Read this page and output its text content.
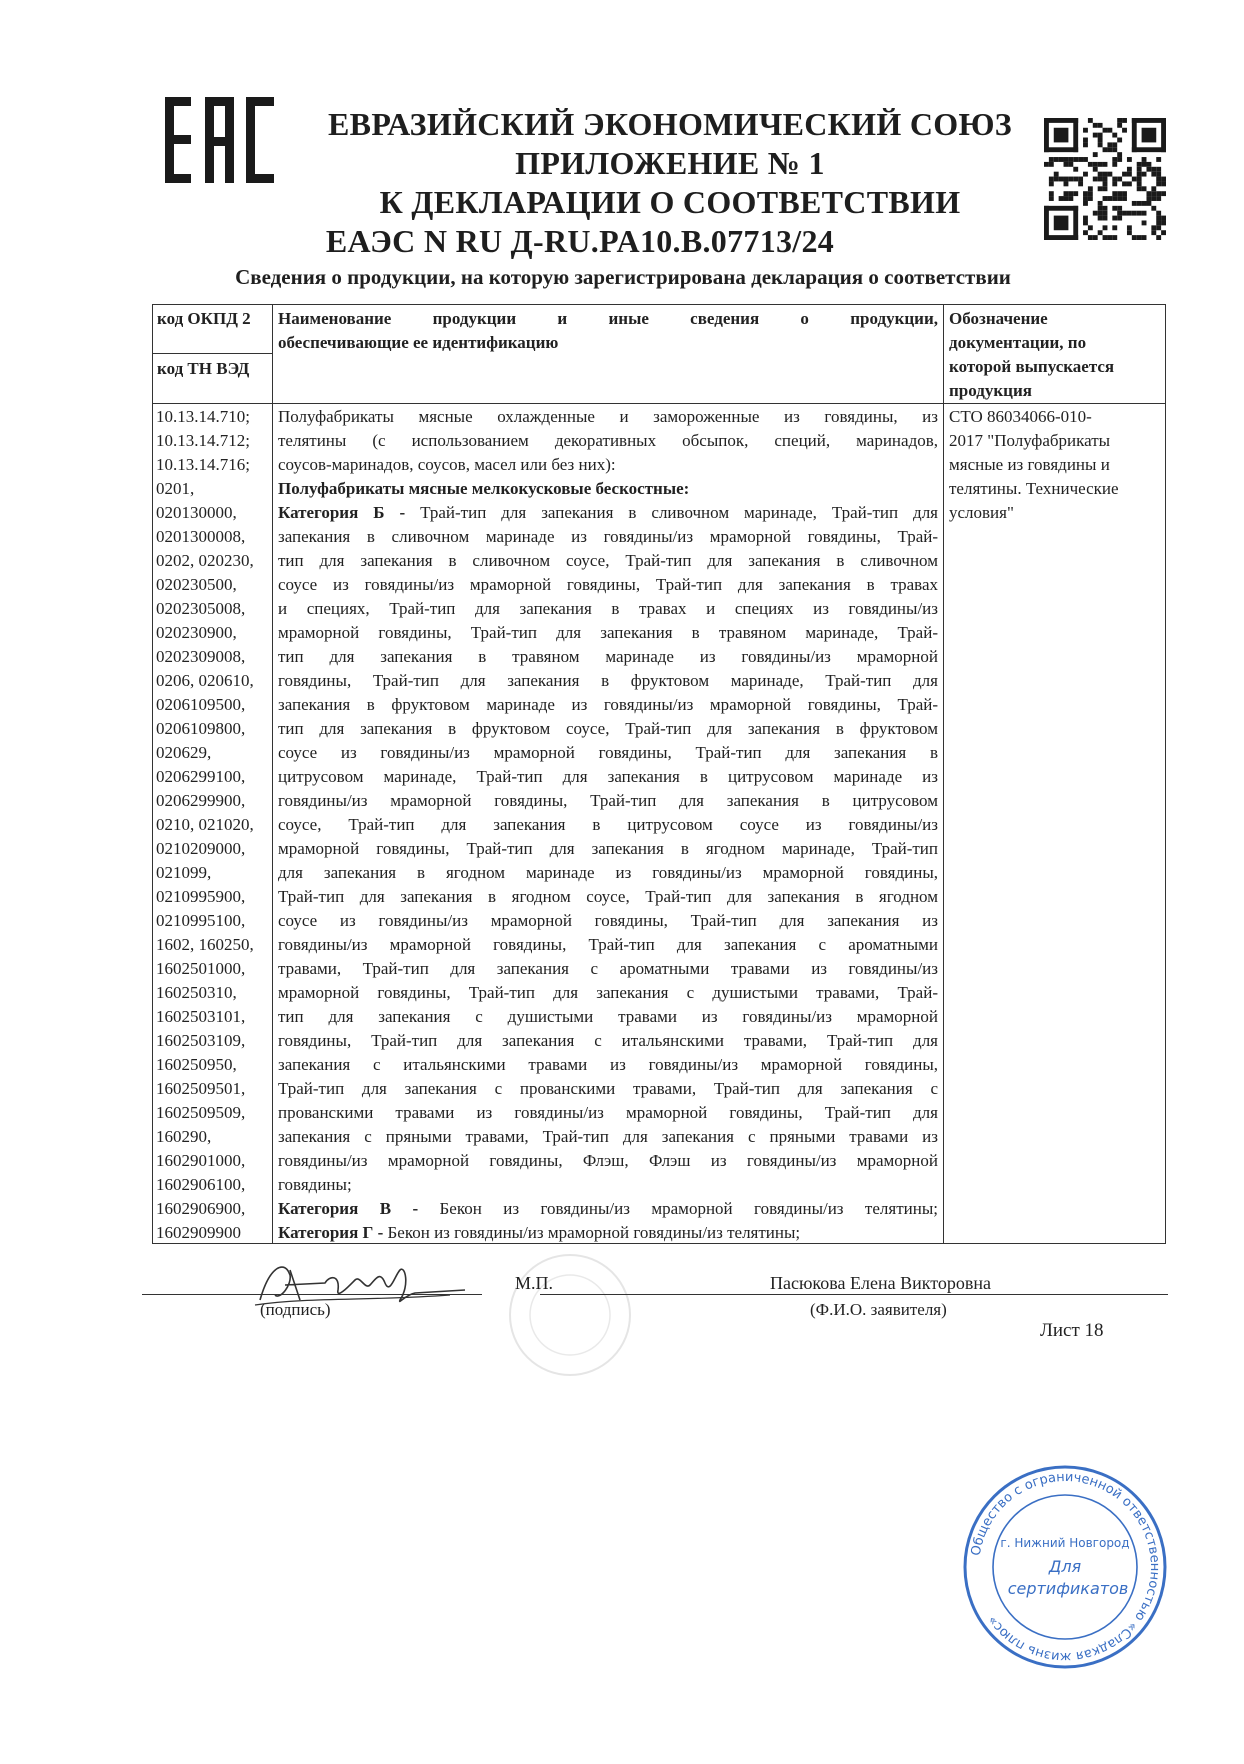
ЕВРАЗИЙСКИЙ ЭКОНОМИЧЕСКИЙ СОЮЗ
ПРИЛОЖЕНИЕ № 1
К ДЕКЛАРАЦИИ О СООТВЕТСТВИИ
ЕАЭС N RU Д-RU.PA10.B.07713/24
Сведения о продукции, на которую зарегистрирована декларация о соответствии
код ОКПД 2
код ТН ВЭД
Наименование продукции и иные сведения о продукции,
обеспечивающие ее идентификацию
Обозначение
документации, по
которой выпускается
продукция
10.13.14.710;
10.13.14.712;
10.13.14.716;
0201,
020130000,
0201300008,
0202, 020230,
020230500,
0202305008,
020230900,
0202309008,
0206, 020610,
0206109500,
0206109800,
020629,
0206299100,
0206299900,
0210, 021020,
0210209000,
021099,
0210995900,
0210995100,
1602, 160250,
1602501000,
160250310,
1602503101,
1602503109,
160250950,
1602509501,
1602509509,
160290,
1602901000,
1602906100,
1602906900,
1602909900
Полуфабрикаты мясные охлажденные и замороженные из говядины, из
телятины (с использованием декоративных обсыпок, специй, маринадов,
соусов-маринадов, соусов, масел или без них):
Полуфабрикаты мясные мелкокусковые бескостные:
Категория Б - Трай-тип для запекания в сливочном маринаде, Трай-тип для
запекания в сливочном маринаде из говядины/из мраморной говядины, Трай-
тип для запекания в сливочном соусе, Трай-тип для запекания в сливочном
соусе из говядины/из мраморной говядины, Трай-тип для запекания в травах
и специях, Трай-тип для запекания в травах и специях из говядины/из
мраморной говядины, Трай-тип для запекания в травяном маринаде, Трай-
тип для запекания в травяном маринаде из говядины/из мраморной
говядины, Трай-тип для запекания в фруктовом маринаде, Трай-тип для
запекания в фруктовом маринаде из говядины/из мраморной говядины, Трай-
тип для запекания в фруктовом соусе, Трай-тип для запекания в фруктовом
соусе из говядины/из мраморной говядины, Трай-тип для запекания в
цитрусовом маринаде, Трай-тип для запекания в цитрусовом маринаде из
говядины/из мраморной говядины, Трай-тип для запекания в цитрусовом
соусе, Трай-тип для запекания в цитрусовом соусе из говядины/из
мраморной говядины, Трай-тип для запекания в ягодном маринаде, Трай-тип
для запекания в ягодном маринаде из говядины/из мраморной говядины,
Трай-тип для запекания в ягодном соусе, Трай-тип для запекания в ягодном
соусе из говядины/из мраморной говядины, Трай-тип для запекания из
говядины/из мраморной говядины, Трай-тип для запекания с ароматными
травами, Трай-тип для запекания с ароматными травами из говядины/из
мраморной говядины, Трай-тип для запекания с душистыми травами, Трай-
тип для запекания с душистыми травами из говядины/из мраморной
говядины, Трай-тип для запекания с итальянскими травами, Трай-тип для
запекания с итальянскими травами из говядины/из мраморной говядины,
Трай-тип для запекания с прованскими травами, Трай-тип для запекания с
прованскими травами из говядины/из мраморной говядины, Трай-тип для
запекания с пряными травами, Трай-тип для запекания с пряными травами из
говядины/из мраморной говядины, Флэш, Флэш из говядины/из мраморной
говядины;
Категория В - Бекон из говядины/из мраморной говядины/из телятины;
Категория Г - Бекон из говядины/из мраморной говядины/из телятины;
СТО 86034066-010-
2017 "Полуфабрикаты
мясные из говядины и
телятины. Технические
условия"
М.П.	Пасюкова Елена Викторовна
(подпись)	(Ф.И.О. заявителя)
Лист 18
Общество с ограниченной ответственностью «Сладкая жизнь плюс»
г. Нижний Новгород
Для
сертификатов
